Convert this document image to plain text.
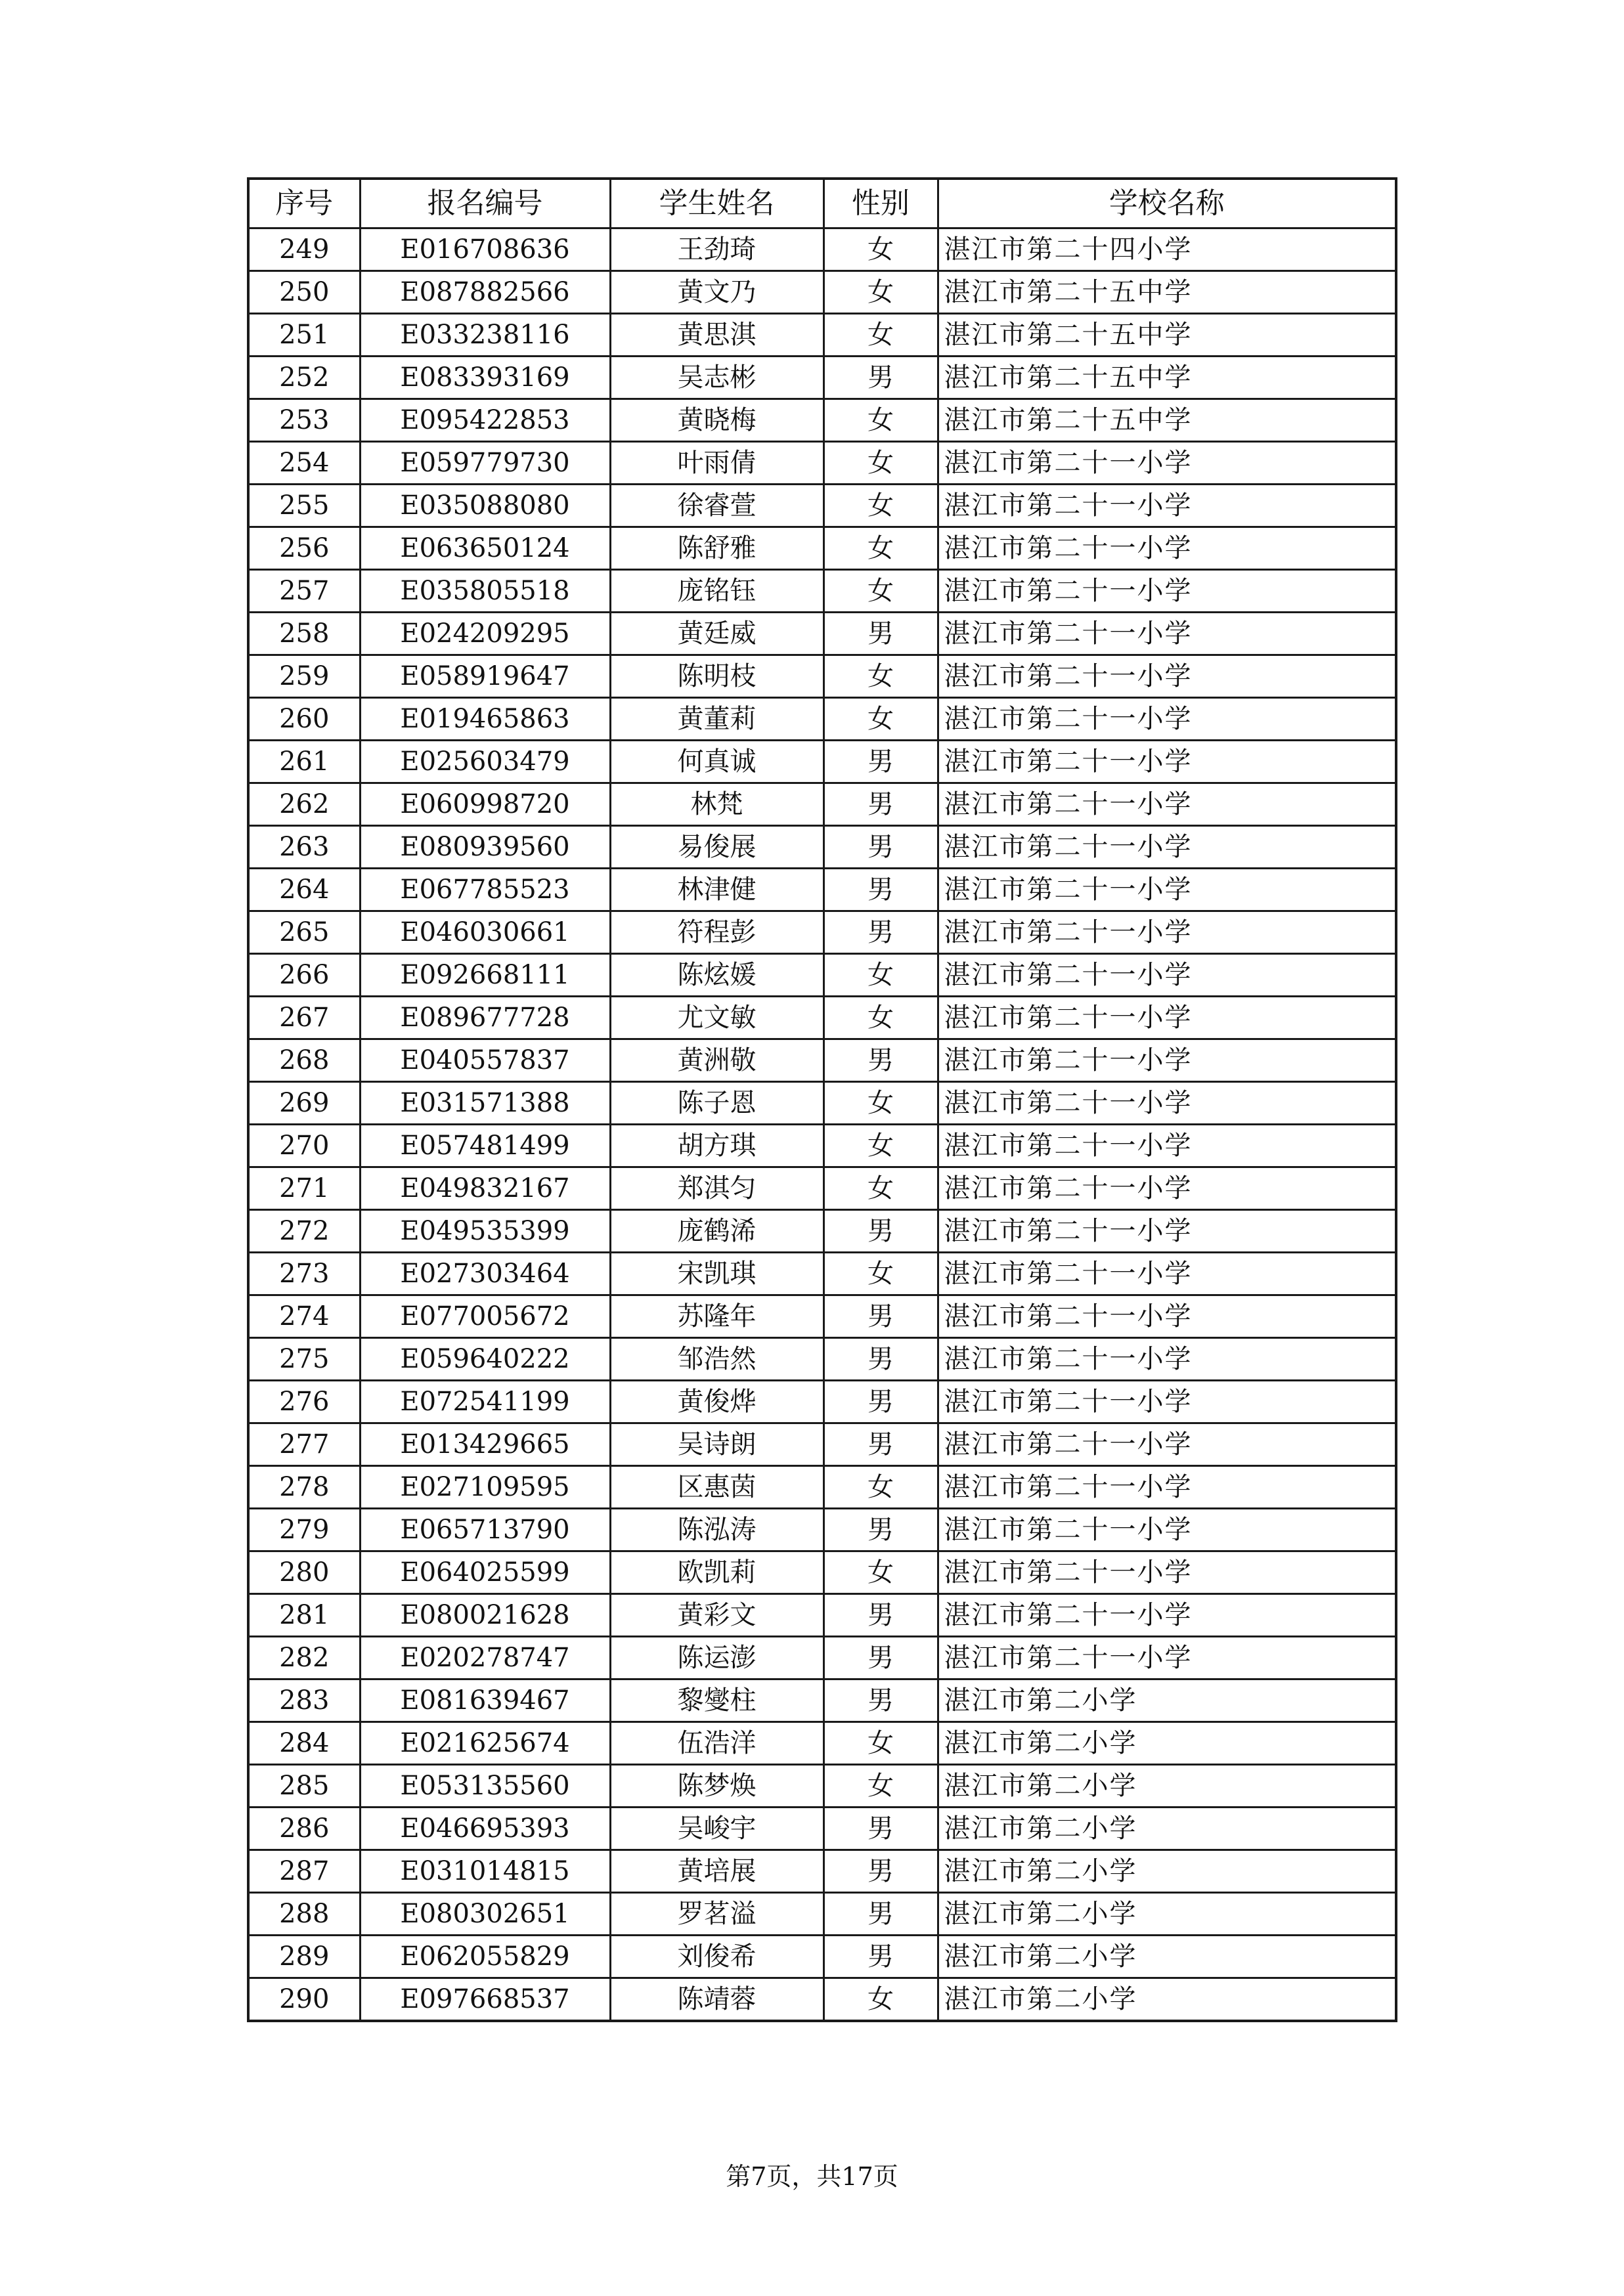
序号	报名编号	学生姓名	性别	学校名称
249	E016708636	王劲琦	女	湛江市第二十四小学
250	E087882566	黄文乃	女	湛江市第二十五中学
251	E033238116	黄思淇	女	湛江市第二十五中学
252	E083393169	吴志彬	男	湛江市第二十五中学
253	E095422853	黄晓梅	女	湛江市第二十五中学
254	E059779730	叶雨倩	女	湛江市第二十一小学
255	E035088080	徐睿萱	女	湛江市第二十一小学
256	E063650124	陈舒雅	女	湛江市第二十一小学
257	E035805518	庞铭钰	女	湛江市第二十一小学
258	E024209295	黄廷威	男	湛江市第二十一小学
259	E058919647	陈明枝	女	湛江市第二十一小学
260	E019465863	黄董莉	女	湛江市第二十一小学
261	E025603479	何真诚	男	湛江市第二十一小学
262	E060998720	林梵	男	湛江市第二十一小学
263	E080939560	易俊展	男	湛江市第二十一小学
264	E067785523	林津健	男	湛江市第二十一小学
265	E046030661	符程彭	男	湛江市第二十一小学
266	E092668111	陈炫媛	女	湛江市第二十一小学
267	E089677728	尤文敏	女	湛江市第二十一小学
268	E040557837	黄洲敬	男	湛江市第二十一小学
269	E031571388	陈子恩	女	湛江市第二十一小学
270	E057481499	胡方琪	女	湛江市第二十一小学
271	E049832167	郑淇匀	女	湛江市第二十一小学
272	E049535399	庞鹤浠	男	湛江市第二十一小学
273	E027303464	宋凯琪	女	湛江市第二十一小学
274	E077005672	苏隆年	男	湛江市第二十一小学
275	E059640222	邹浩然	男	湛江市第二十一小学
276	E072541199	黄俊烨	男	湛江市第二十一小学
277	E013429665	吴诗朗	男	湛江市第二十一小学
278	E027109595	区惠茵	女	湛江市第二十一小学
279	E065713790	陈泓涛	男	湛江市第二十一小学
280	E064025599	欧凯莉	女	湛江市第二十一小学
281	E080021628	黄彩文	男	湛江市第二十一小学
282	E020278747	陈运澎	男	湛江市第二十一小学
283	E081639467	黎燮柱	男	湛江市第二小学
284	E021625674	伍浩洋	女	湛江市第二小学
285	E053135560	陈梦焕	女	湛江市第二小学
286	E046695393	吴峻宇	男	湛江市第二小学
287	E031014815	黄培展	男	湛江市第二小学
288	E080302651	罗茗溢	男	湛江市第二小学
289	E062055829	刘俊希	男	湛江市第二小学
290	E097668537	陈靖蓉	女	湛江市第二小学
第7页，共17页
